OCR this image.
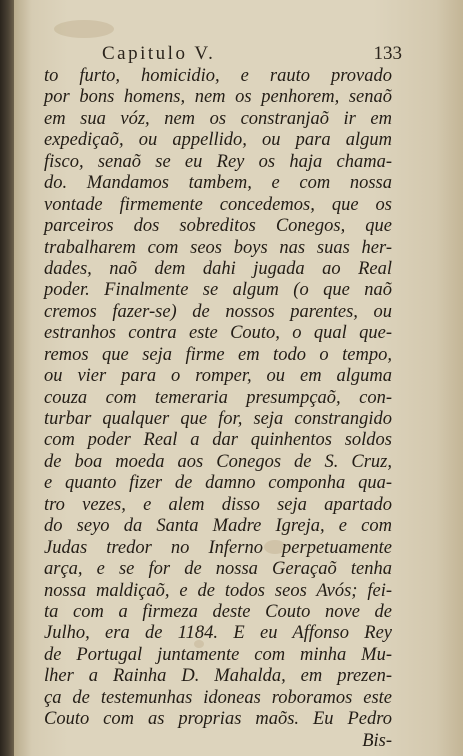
Capitulo V.	133
to furto, homicidio, e rauto provado
por bons homens, nem os penhorem, senaõ
em sua vóz, nem os constranjaõ ir em
expediçaõ, ou appellido, ou para algum
fisco, senaõ se eu Rey os haja chama-
do. Mandamos tambem, e com nossa
vontade firmemente concedemos, que os
parceiros dos sobreditos Conegos, que
trabalharem com seos boys nas suas her-
dades, naõ dem dahi jugada ao Real
poder. Finalmente se algum (o que naõ
cremos fazer-se) de nossos parentes, ou
estranhos contra este Couto, o qual que-
remos que seja firme em todo o tempo,
ou vier para o romper, ou em alguma
couza com temeraria presumpçaõ, con-
turbar qualquer que for, seja constrangido
com poder Real a dar quinhentos soldos
de boa moeda aos Conegos de S. Cruz,
e quanto fizer de damno componha qua-
tro vezes, e alem disso seja apartado
do seyo da Santa Madre Igreja, e com
Judas tredor no Inferno perpetuamente
arça, e se for de nossa Geraçaõ tenha
nossa maldiçaõ, e de todos seos Avós; fei-
ta com a firmeza deste Couto nove de
Julho, era de 1184. E eu Affonso Rey
de Portugal juntamente com minha Mu-
lher a Rainha D. Mahalda, em prezen-
ça de testemunhas idoneas roboramos este
Couto com as proprias maõs. Eu Pedro
Bis-
